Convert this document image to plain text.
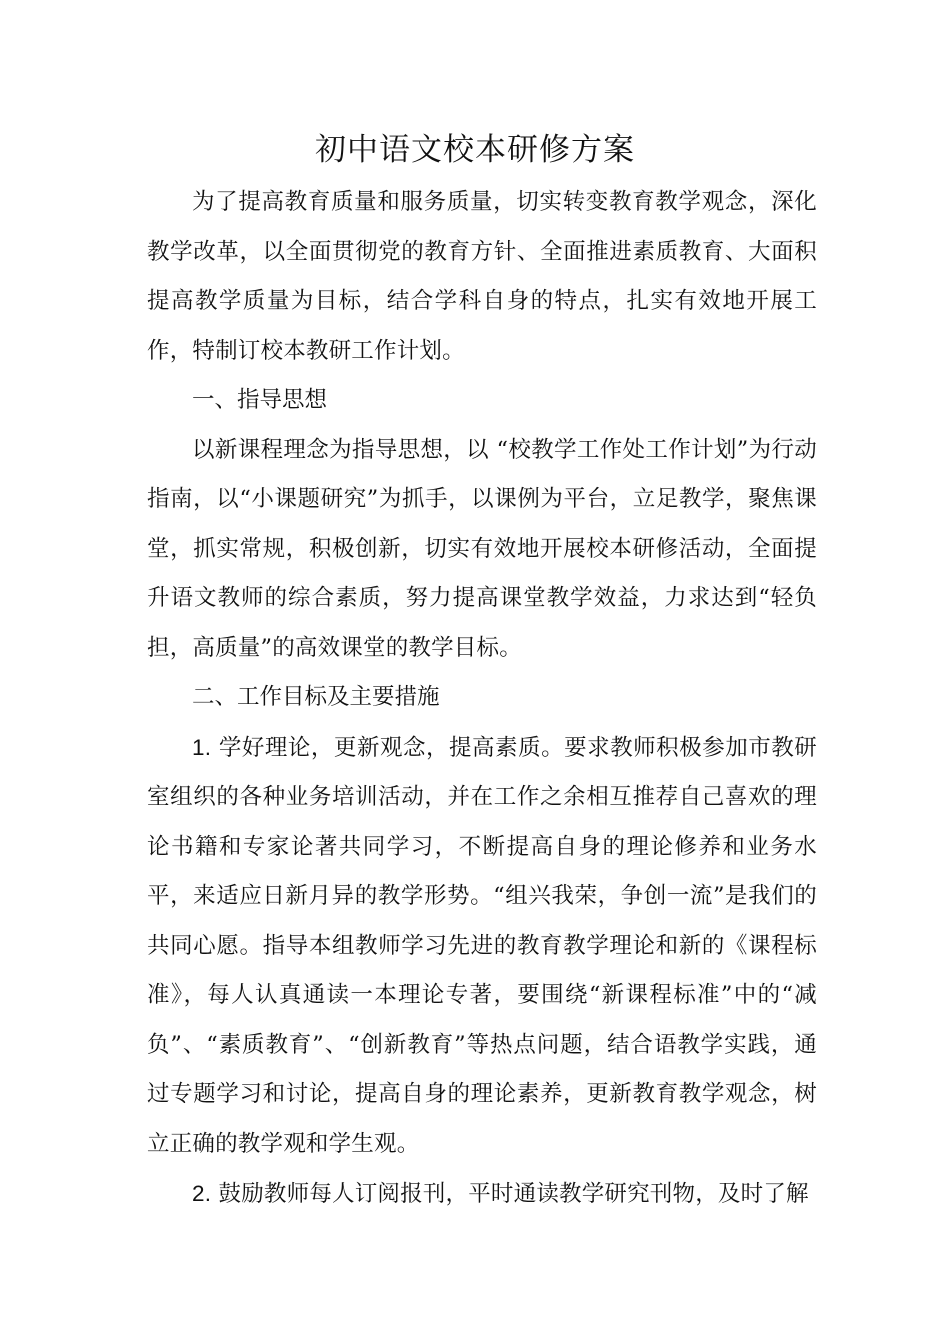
初中语文校本研修方案

为了提高教育质量和服务质量，切实转变教育教学观念，深化教学改革，以全面贯彻党的教育方针、全面推进素质教育、大面积提高教学质量为目标，结合学科自身的特点，扎实有效地开展工作，特制订校本教研工作计划。

一、指导思想

以新课程理念为指导思想，以 “校教学工作处工作计划”为行动指南，以“小课题研究”为抓手，以课例为平台，立足教学，聚焦课堂，抓实常规，积极创新，切实有效地开展校本研修活动，全面提升语文教师的综合素质，努力提高课堂教学效益，力求达到“轻负担，高质量”的高效课堂的教学目标。

二、工作目标及主要措施

1. 学好理论，更新观念，提高素质。要求教师积极参加市教研室组织的各种业务培训活动，并在工作之余相互推荐自己喜欢的理论书籍和专家论著共同学习，不断提高自身的理论修养和业务水平，来适应日新月异的教学形势。“组兴我荣，争创一流”是我们的共同心愿。指导本组教师学习先进的教育教学理论和新的《课程标准》，每人认真通读一本理论专著，要围绕“新课程标准”中的“减负”、“素质教育”、“创新教育”等热点问题，结合语教学实践，通过专题学习和讨论，提高自身的理论素养，更新教育教学观念，树立正确的教学观和学生观。

2. 鼓励教师每人订阅报刊，平时通读教学研究刊物，及时了解
